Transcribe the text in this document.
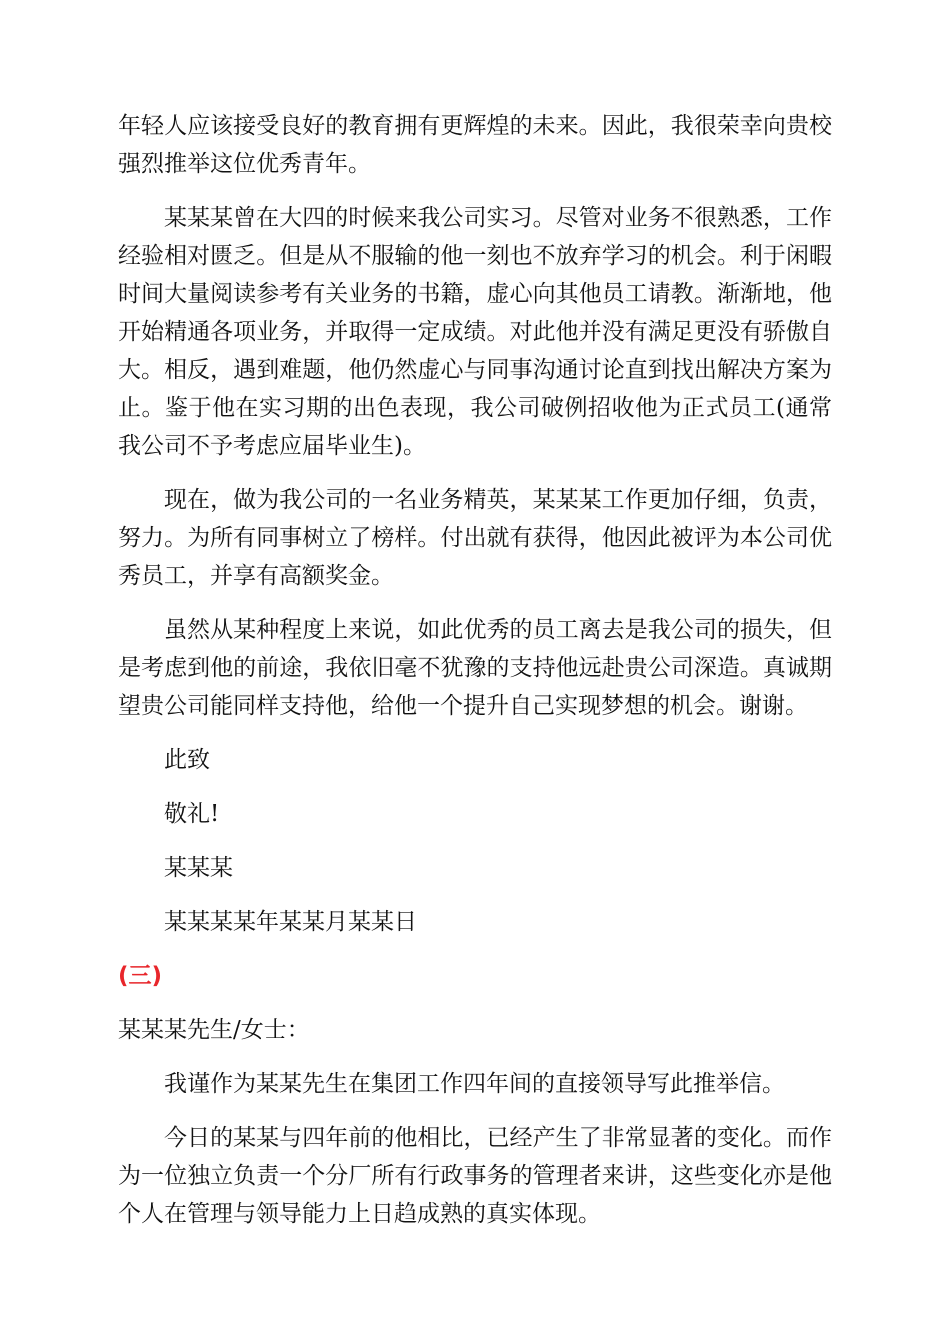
年轻人应该接受良好的教育拥有更辉煌的未来。因此，我很荣幸向贵校强烈推举这位优秀青年。

某某某曾在大四的时候来我公司实习。尽管对业务不很熟悉，工作经验相对匮乏。但是从不服输的他一刻也不放弃学习的机会。利于闲暇时间大量阅读参考有关业务的书籍，虚心向其他员工请教。渐渐地，他开始精通各项业务，并取得一定成绩。对此他并没有满足更没有骄傲自大。相反，遇到难题，他仍然虚心与同事沟通讨论直到找出解决方案为止。鉴于他在实习期的出色表现，我公司破例招收他为正式员工(通常我公司不予考虑应届毕业生)。

现在，做为我公司的一名业务精英，某某某工作更加仔细，负责，努力。为所有同事树立了榜样。付出就有获得，他因此被评为本公司优秀员工，并享有高额奖金。

虽然从某种程度上来说，如此优秀的员工离去是我公司的损失，但是考虑到他的前途，我依旧毫不犹豫的支持他远赴贵公司深造。真诚期望贵公司能同样支持他，给他一个提升自己实现梦想的机会。谢谢。

此致
敬礼!
某某某
某某某某年某某月某某日
(三)

某某某先生/女士：

我谨作为某某先生在集团工作四年间的直接领导写此推举信。

今日的某某与四年前的他相比，已经产生了非常显著的变化。而作为一位独立负责一个分厂所有行政事务的管理者来讲，这些变化亦是他个人在管理与领导能力上日趋成熟的真实体现。
